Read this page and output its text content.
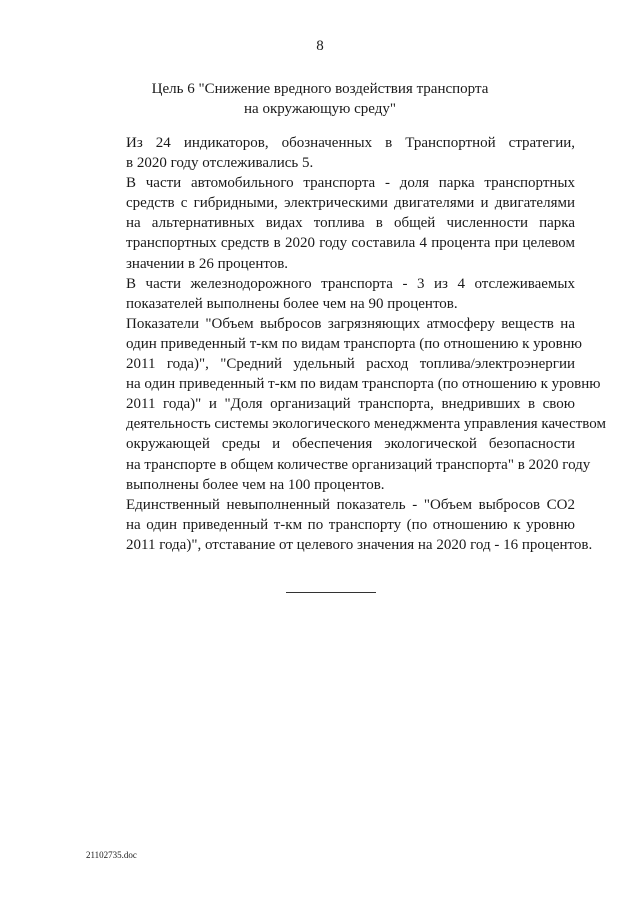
8
Цель 6 "Снижение вредного воздействия транспорта
на окружающую среду"
Из 24 индикаторов, обозначенных в Транспортной стратегии,
в 2020 году отслеживались 5.
В части автомобильного транспорта - доля парка транспортных
средств с гибридными, электрическими двигателями и двигателями
на альтернативных видах топлива в общей численности парка
транспортных средств в 2020 году составила 4 процента при целевом
значении в 26 процентов.
В части железнодорожного транспорта - 3 из 4 отслеживаемых
показателей выполнены более чем на 90 процентов.
Показатели "Объем выбросов загрязняющих атмосферу веществ на
один приведенный т-км по видам транспорта (по отношению к уровню
2011 года)", "Средний удельный расход топлива/электроэнергии
на один приведенный т-км по видам транспорта (по отношению к уровню
2011 года)" и "Доля организаций транспорта, внедривших в свою
деятельность системы экологического менеджмента управления качеством
окружающей среды и обеспечения экологической безопасности
на транспорте в общем количестве организаций транспорта" в 2020 году
выполнены более чем на 100 процентов.
Единственный невыполненный показатель - "Объем выбросов СО2
на один приведенный т-км по транспорту (по отношению к уровню
2011 года)", отставание от целевого значения на 2020 год - 16 процентов.
21102735.doc
